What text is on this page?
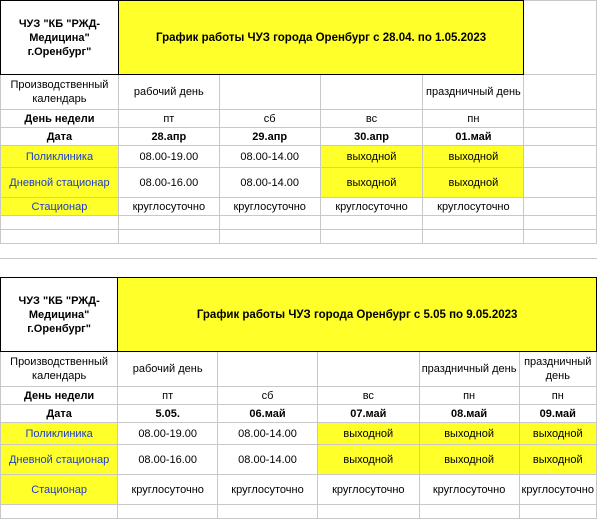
ЧУЗ "КБ "РЖД-Медицина" г.Оренбург"	График работы ЧУЗ города Оренбург с 28.04. по 1.05.2023				
Производственный календарь	рабочий день			праздничный день	
День недели	пт	сб	вс	пн	
Дата	28.апр	29.апр	30.апр	01.май	
Поликлиника	08.00-19.00	08.00-14.00	выходной	выходной	
Дневной стационар	08.00-16.00	08.00-14.00	выходной	выходной	
Стационар	круглосуточно	круглосуточно	круглосуточно	круглосуточно	

ЧУЗ "КБ "РЖД-Медицина" г.Оренбург"	График работы ЧУЗ города Оренбург с 5.05 по 9.05.2023				
Производственный календарь	рабочий день			праздничный день	праздничный день
День недели	пт	сб	вс	пн	пн
Дата	5.05.	06.май	07.май	08.май	09.май
Поликлиника	08.00-19.00	08.00-14.00	выходной	выходной	выходной
Дневной стационар	08.00-16.00	08.00-14.00	выходной	выходной	выходной
Стационар	круглосуточно	круглосуточно	круглосуточно	круглосуточно	круглосуточно
